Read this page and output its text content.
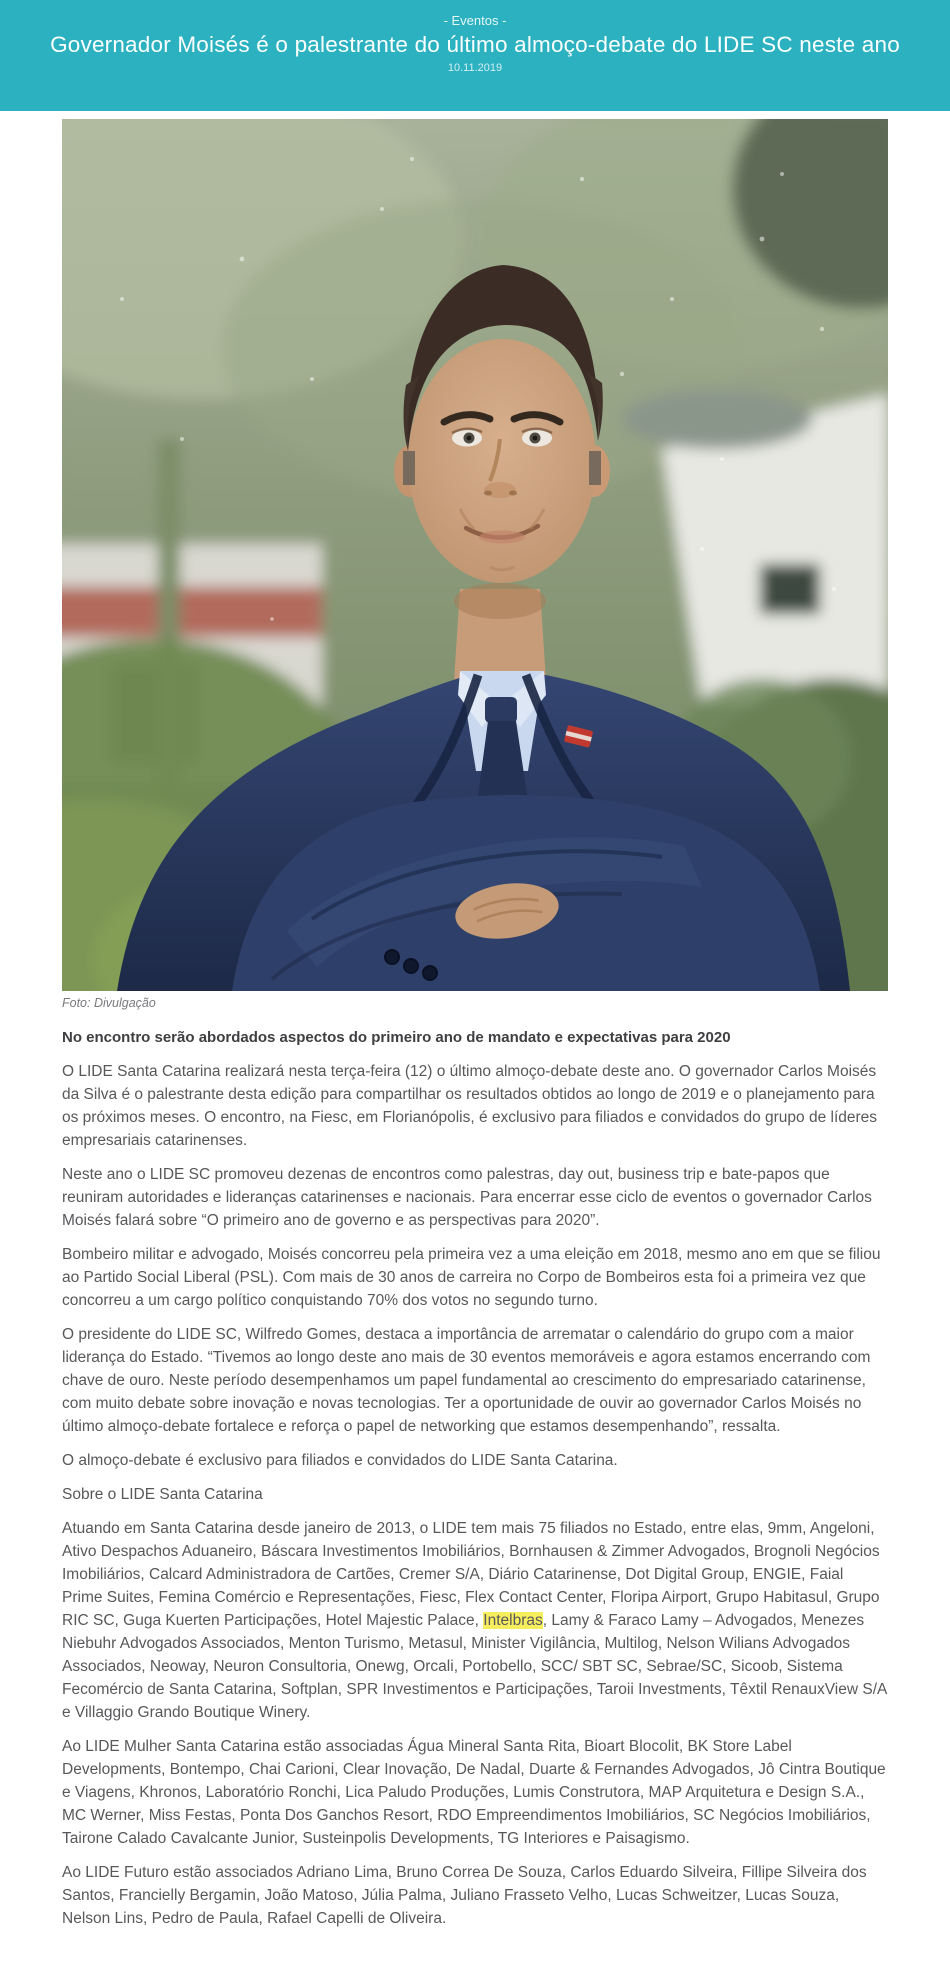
- Eventos -
Governador Moisés é o palestrante do último almoço-debate do LIDE SC neste ano
10.11.2019
Foto: Divulgação
No encontro serão abordados aspectos do primeiro ano de mandato e expectativas para 2020

O LIDE Santa Catarina realizará nesta terça-feira (12) o último almoço-debate deste ano. O governador Carlos Moisés da Silva é o palestrante desta edição para compartilhar os resultados obtidos ao longo de 2019 e o planejamento para os próximos meses. O encontro, na Fiesc, em Florianópolis, é exclusivo para filiados e convidados do grupo de líderes empresariais catarinenses.

Neste ano o LIDE SC promoveu dezenas de encontros como palestras, day out, business trip e bate-papos que reuniram autoridades e lideranças catarinenses e nacionais. Para encerrar esse ciclo de eventos o governador Carlos Moisés falará sobre “O primeiro ano de governo e as perspectivas para 2020”.

Bombeiro militar e advogado, Moisés concorreu pela primeira vez a uma eleição em 2018, mesmo ano em que se filiou ao Partido Social Liberal (PSL). Com mais de 30 anos de carreira no Corpo de Bombeiros esta foi a primeira vez que concorreu a um cargo político conquistando 70% dos votos no segundo turno.

O presidente do LIDE SC, Wilfredo Gomes, destaca a importância de arrematar o calendário do grupo com a maior liderança do Estado. “Tivemos ao longo deste ano mais de 30 eventos memoráveis e agora estamos encerrando com chave de ouro. Neste período desempenhamos um papel fundamental ao crescimento do empresariado catarinense, com muito debate sobre inovação e novas tecnologias. Ter a oportunidade de ouvir ao governador Carlos Moisés no último almoço-debate fortalece e reforça o papel de networking que estamos desempenhando”, ressalta.

O almoço-debate é exclusivo para filiados e convidados do LIDE Santa Catarina.

Sobre o LIDE Santa Catarina

Atuando em Santa Catarina desde janeiro de 2013, o LIDE tem mais 75 filiados no Estado, entre elas, 9mm, Angeloni, Ativo Despachos Aduaneiro, Báscara Investimentos Imobiliários, Bornhausen & Zimmer Advogados, Brognoli Negócios Imobiliários, Calcard Administradora de Cartões, Cremer S/A, Diário Catarinense, Dot Digital Group, ENGIE, Faial Prime Suites, Femina Comércio e Representações, Fiesc, Flex Contact Center, Floripa Airport, Grupo Habitasul, Grupo RIC SC, Guga Kuerten Participações, Hotel Majestic Palace, Intelbras, Lamy & Faraco Lamy – Advogados, Menezes Niebuhr Advogados Associados, Menton Turismo, Metasul, Minister Vigilância, Multilog, Nelson Wilians Advogados Associados, Neoway, Neuron Consultoria, Onewg, Orcali, Portobello, SCC/ SBT SC, Sebrae/SC, Sicoob, Sistema Fecomércio de Santa Catarina, Softplan, SPR Investimentos e Participações, Taroii Investments, Têxtil RenauxView S/A e Villaggio Grando Boutique Winery.

Ao LIDE Mulher Santa Catarina estão associadas Água Mineral Santa Rita, Bioart Blocolit, BK Store Label Developments, Bontempo, Chai Carioni, Clear Inovação, De Nadal, Duarte & Fernandes Advogados, Jô Cintra Boutique e Viagens, Khronos, Laboratório Ronchi, Lica Paludo Produções, Lumis Construtora, MAP Arquitetura e Design S.A., MC Werner, Miss Festas, Ponta Dos Ganchos Resort, RDO Empreendimentos Imobiliários, SC Negócios Imobiliários, Tairone Calado Cavalcante Junior, Susteinpolis Developments, TG Interiores e Paisagismo.

Ao LIDE Futuro estão associados Adriano Lima, Bruno Correa De Souza, Carlos Eduardo Silveira, Fillipe Silveira dos Santos, Francielly Bergamin, João Matoso, Júlia Palma, Juliano Frasseto Velho, Lucas Schweitzer, Lucas Souza, Nelson Lins, Pedro de Paula, Rafael Capelli de Oliveira.
